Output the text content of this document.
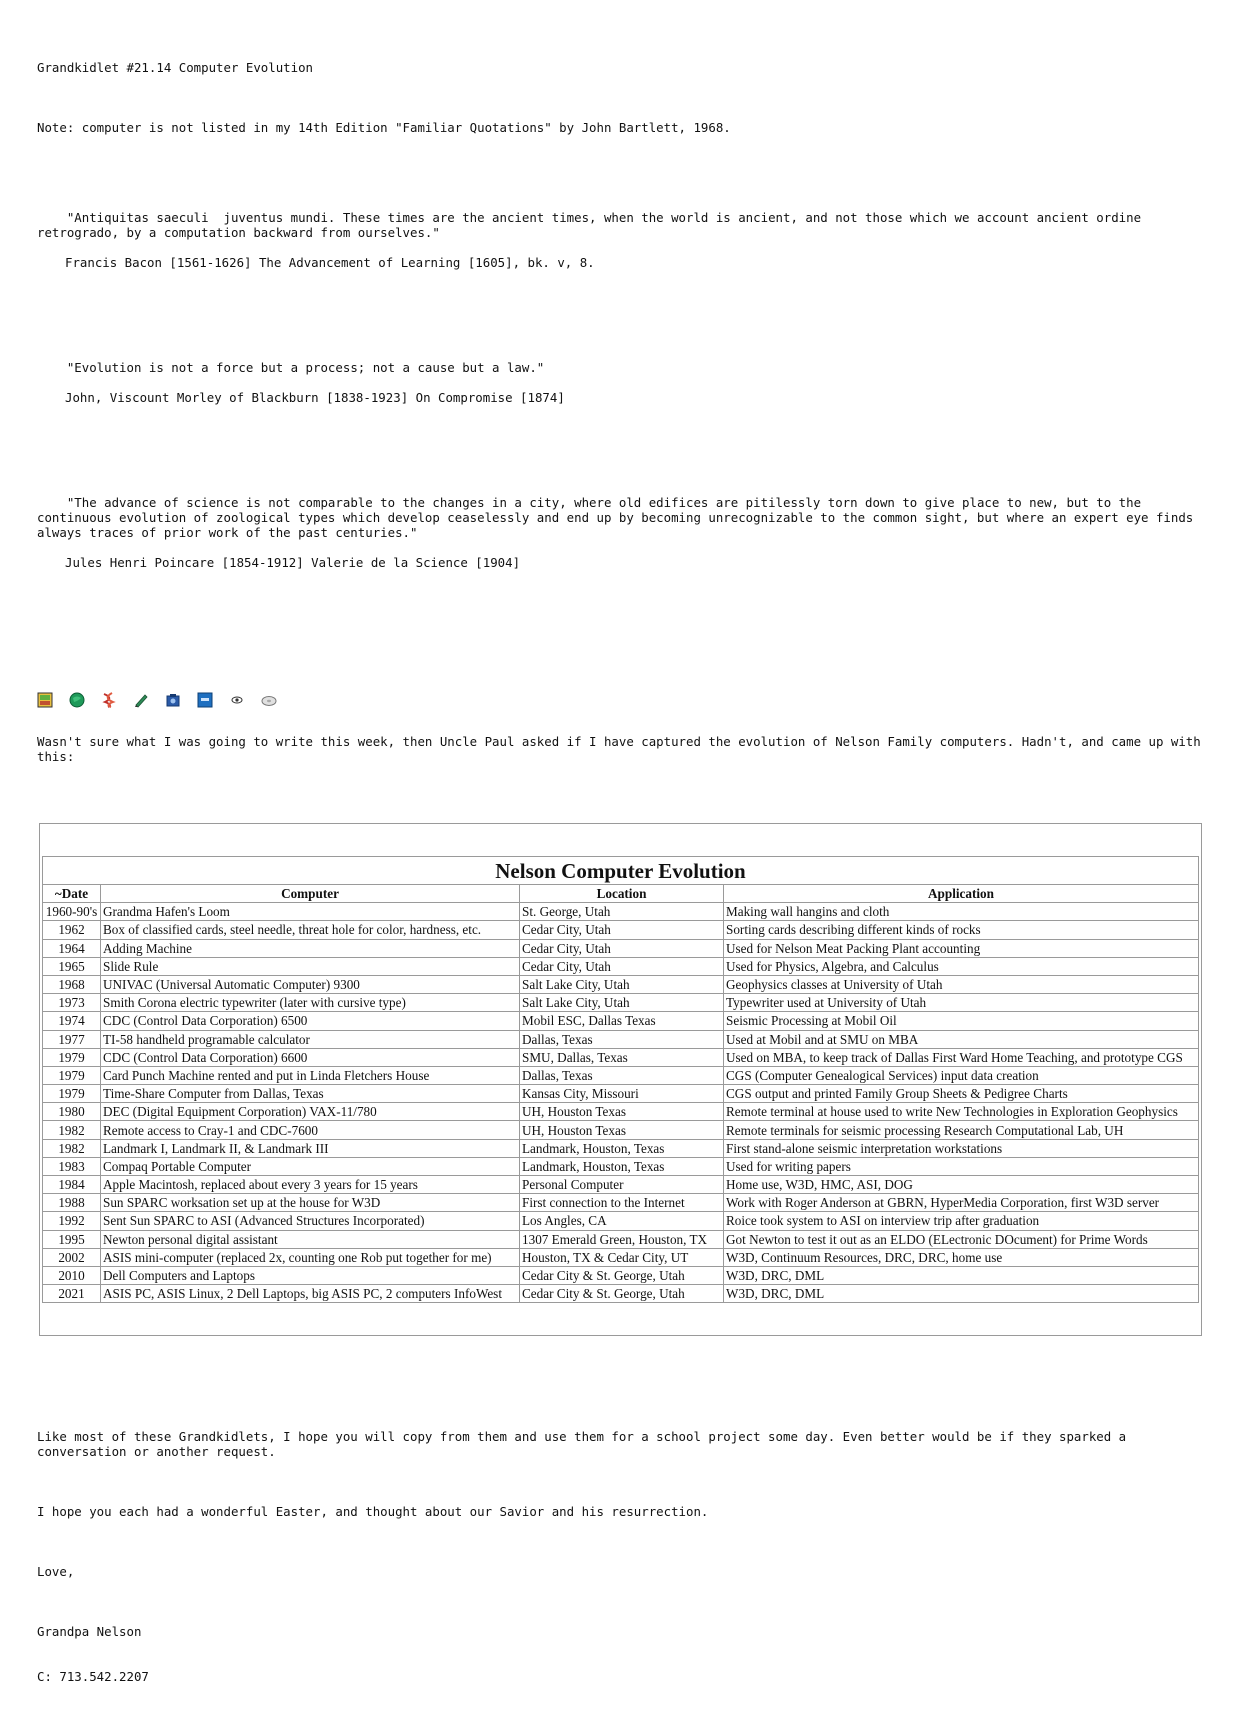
Grandkidlet #21.14 Computer Evolution

Note: computer is not listed in my 14th Edition "Familiar Quotations" by John Bartlett, 1968.

"Antiquitas saeculi  juventus mundi. These times are the ancient times, when the world is ancient, and not those which we account ancient ordine retrogrado, by a computation backward from ourselves."

Francis Bacon [1561-1626] The Advancement of Learning [1605], bk. v, 8.

"Evolution is not a force but a process; not a cause but a law."

John, Viscount Morley of Blackburn [1838-1923] On Compromise [1874]

"The advance of science is not comparable to the changes in a city, where old edifices are pitilessly torn down to give place to new, but to the continuous evolution of zoological types which develop ceaselessly and end up by becoming unrecognizable to the common sight, but where an expert eye finds always traces of prior work of the past centuries."

Jules Henri Poincare [1854-1912] Valerie de la Science [1904]

Wasn't sure what I was going to write this week, then Uncle Paul asked if I have captured the evolution of Nelson Family computers. Hadn't, and came up with this:

Nelson Computer Evolution
~Date	Computer	Location	Application
1960-90's	Grandma Hafen's Loom	St. George, Utah	Making wall hangins and cloth
1962	Box of classified cards, steel needle, threat hole for color, hardness, etc.	Cedar City, Utah	Sorting cards describing different kinds of rocks
1964	Adding Machine	Cedar City, Utah	Used for Nelson Meat Packing Plant accounting
1965	Slide Rule	Cedar City, Utah	Used for Physics, Algebra, and Calculus
1968	UNIVAC (Universal Automatic Computer) 9300	Salt Lake City, Utah	Geophysics classes at University of Utah
1973	Smith Corona electric typewriter (later with cursive type)	Salt Lake City, Utah	Typewriter used at University of Utah
1974	CDC (Control Data Corporation) 6500	Mobil ESC, Dallas Texas	Seismic Processing at Mobil Oil
1977	TI-58 handheld programable calculator	Dallas, Texas	Used at Mobil and at SMU on MBA
1979	CDC (Control Data Corporation) 6600	SMU, Dallas, Texas	Used on MBA, to keep track of Dallas First Ward Home Teaching, and prototype CGS
1979	Card Punch Machine rented and put in Linda Fletchers House	Dallas, Texas	CGS (Computer Genealogical Services) input data creation
1979	Time-Share Computer from Dallas, Texas	Kansas City, Missouri	CGS output and printed Family Group Sheets & Pedigree Charts
1980	DEC (Digital Equipment Corporation) VAX-11/780	UH, Houston Texas	Remote terminal at house used to write New Technologies in Exploration Geophysics
1982	Remote access to Cray-1 and CDC-7600	UH, Houston Texas	Remote terminals for seismic processing Research Computational Lab, UH
1982	Landmark I, Landmark II, & Landmark III	Landmark, Houston, Texas	First stand-alone seismic interpretation workstations
1983	Compaq Portable Computer	Landmark, Houston, Texas	Used for writing papers
1984	Apple Macintosh, replaced about every 3 years for 15 years	Personal Computer	Home use, W3D, HMC, ASI, DOG
1988	Sun SPARC worksation set up at the house for W3D	First connection to the Internet	Work with Roger Anderson at GBRN, HyperMedia Corporation, first W3D server
1992	Sent Sun SPARC to ASI (Advanced Structures Incorporated)	Los Angles, CA	Roice took system to ASI on interview trip after graduation
1995	Newton personal digital assistant	1307 Emerald Green, Houston, TX	Got Newton to test it out as an ELDO (ELectronic DOcument) for Prime Words
2002	ASIS mini-computer (replaced 2x, counting one Rob put together for me)	Houston, TX & Cedar City, UT	W3D, Continuum Resources, DRC, DRC, home use
2010	Dell Computers and Laptops	Cedar City & St. George, Utah	W3D, DRC, DML
2021	ASIS PC, ASIS Linux, 2 Dell Laptops, big ASIS PC, 2 computers InfoWest	Cedar City & St. George, Utah	W3D, DRC, DML

Like most of these Grandkidlets, I hope you will copy from them and use them for a school project some day. Even better would be if they sparked a conversation or another request.

I hope you each had a wonderful Easter, and thought about our Savior and his resurrection.

Love,

Grandpa Nelson

C: 713.542.2207
